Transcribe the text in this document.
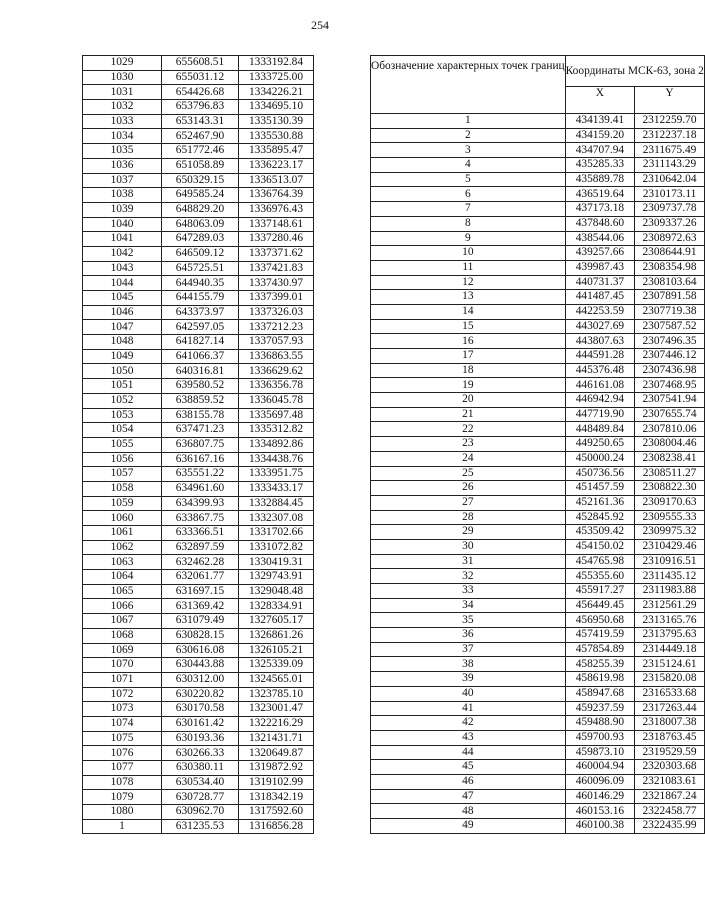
254
1029	655608.51	1333192.84
1030	655031.12	1333725.00
1031	654426.68	1334226.21
1032	653796.83	1334695.10
1033	653143.31	1335130.39
1034	652467.90	1335530.88
1035	651772.46	1335895.47
1036	651058.89	1336223.17
1037	650329.15	1336513.07
1038	649585.24	1336764.39
1039	648829.20	1336976.43
1040	648063.09	1337148.61
1041	647289.03	1337280.46
1042	646509.12	1337371.62
1043	645725.51	1337421.83
1044	644940.35	1337430.97
1045	644155.79	1337399.01
1046	643373.97	1337326.03
1047	642597.05	1337212.23
1048	641827.14	1337057.93
1049	641066.37	1336863.55
1050	640316.81	1336629.62
1051	639580.52	1336356.78
1052	638859.52	1336045.78
1053	638155.78	1335697.48
1054	637471.23	1335312.82
1055	636807.75	1334892.86
1056	636167.16	1334438.76
1057	635551.22	1333951.75
1058	634961.60	1333433.17
1059	634399.93	1332884.45
1060	633867.75	1332307.08
1061	633366.51	1331702.66
1062	632897.59	1331072.82
1063	632462.28	1330419.31
1064	632061.77	1329743.91
1065	631697.15	1329048.48
1066	631369.42	1328334.91
1067	631079.49	1327605.17
1068	630828.15	1326861.26
1069	630616.08	1326105.21
1070	630443.88	1325339.09
1071	630312.00	1324565.01
1072	630220.82	1323785.10
1073	630170.58	1323001.47
1074	630161.42	1322216.29
1075	630193.36	1321431.71
1076	630266.33	1320649.87
1077	630380.11	1319872.92
1078	630534.40	1319102.99
1079	630728.77	1318342.19
1080	630962.70	1317592.60
1	631235.53	1316856.28
Обозначение характерных точек границ	Координаты МСК-63, зона 2	
	X	Y
1	434139.41	2312259.70
2	434159.20	2312237.18
3	434707.94	2311675.49
4	435285.33	2311143.29
5	435889.78	2310642.04
6	436519.64	2310173.11
7	437173.18	2309737.78
8	437848.60	2309337.26
9	438544.06	2308972.63
10	439257.66	2308644.91
11	439987.43	2308354.98
12	440731.37	2308103.64
13	441487.45	2307891.58
14	442253.59	2307719.38
15	443027.69	2307587.52
16	443807.63	2307496.35
17	444591.28	2307446.12
18	445376.48	2307436.98
19	446161.08	2307468.95
20	446942.94	2307541.94
21	447719.90	2307655.74
22	448489.84	2307810.06
23	449250.65	2308004.46
24	450000.24	2308238.41
25	450736.56	2308511.27
26	451457.59	2308822.30
27	452161.36	2309170.63
28	452845.92	2309555.33
29	453509.42	2309975.32
30	454150.02	2310429.46
31	454765.98	2310916.51
32	455355.60	2311435.12
33	455917.27	2311983.88
34	456449.45	2312561.29
35	456950.68	2313165.76
36	457419.59	2313795.63
37	457854.89	2314449.18
38	458255.39	2315124.61
39	458619.98	2315820.08
40	458947.68	2316533.68
41	459237.59	2317263.44
42	459488.90	2318007.38
43	459700.93	2318763.45
44	459873.10	2319529.59
45	460004.94	2320303.68
46	460096.09	2321083.61
47	460146.29	2321867.24
48	460153.16	2322458.77
49	460100.38	2322435.99
